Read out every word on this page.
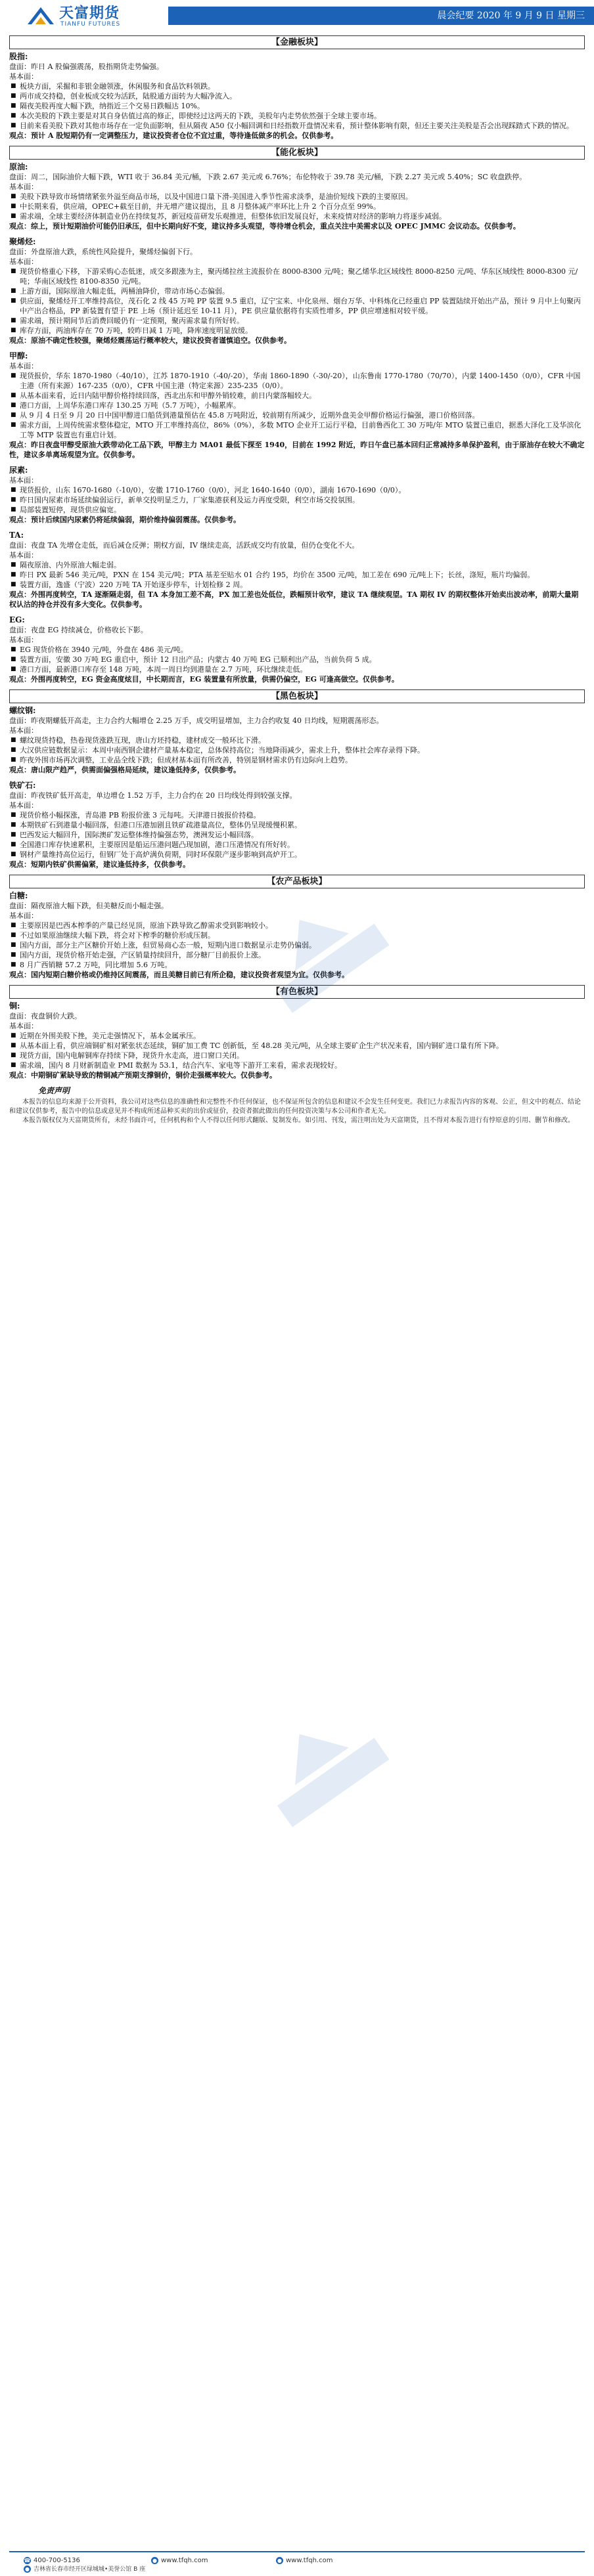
天富期货
TIANFU FUTURES
晨会纪要 2020 年 9 月 9 日 星期三
【金融板块】
股指:
盘面：昨日 A 股偏强震荡，股指期货走势偏强。
基本面：
■ 板块方面，采掘和非银金融领涨，休闲服务和食品饮料领跌。
■ 两市成交持稳，创业板成交较为活跃，陆股通方面转为大幅净流入。
■ 隔夜美股再度大幅下跌，纳指近三个交易日跌幅达 10%。
■ 本次美股的下跌主要是对其自身估值过高的修正，即使经过这两天的下跌，美股年内走势依然强于全球主要市场。
■ 目前来看美股下跌对其他市场存在一定负面影响，但从隔夜 A50 仅小幅回调和日经指数开盘情况来看，预计整体影响有限，但还主要关注美股是否会出现踩踏式下跌的情况。
观点：预计 A 股短期仍有一定调整压力，建议投资者仓位不宜过重，等待逢低做多的机会。仅供参考。
【能化板块】
原油:
盘面：周二，国际油价大幅下跌，WTI 收于 36.84 美元/桶，下跌 2.67 美元或 6.76%；布伦特收于 39.78 美元/桶，下跌 2.27 美元或 5.40%；SC 收盘跌停。
基本面：
■ 美股下跌导致市场情绪紧张外溢至商品市场，以及中国进口量下滑-美国进入季节性需求淡季，是油价短线下跌的主要原因。
■ 中长期来看，供应端，OPEC+截至目前，并无增产建议提出，且 8 月整体减产率环比上升 2 个百分点至 99%。
■ 需求端，全球主要经济体制造业仍在持续复苏，新冠疫苗研发乐观推进，但整体依旧发展良好，未来疫情对经济的影响力将逐步减弱。
观点：综上，预计短期油价可能仍旧承压，但中长期向好不变，建议持多头观望，等待增仓机会，重点关注中美需求以及 OPEC JMMC 会议动态。仅供参考。
聚烯烃:
盘面：外盘原油大跌，系统性风险提升，聚烯烃偏弱下行。
基本面：
■ 现货价格重心下移，下游采购心态低迷，成交多跟涨为主，聚丙烯拉丝主流报价在 8000-8300 元/吨；聚乙烯华北区域线性 8000-8250 元/吨、华东区域线性 8000-8300 元/吨；华南区域线性 8100-8350 元/吨。
■ 上游方面，国际原油大幅走低，两桶油降价，带动市场心态偏弱。
■ 供应面，聚烯烃开工率维持高位，茂石化 2 线 45 万吨 PP 装置 9.5 重启，辽宁宝来、中化泉州、烟台万华、中科炼化已经重启 PP 装置陆续开始出产品，预计 9 月中上旬聚丙中产出合格品，PP 新装置有望于 PE 上场（预计延迟至 10-11 月），PE 供应量依据将有实质性增多，PP 供应增速相对较平缓。
■ 需求端，预计期间节后消费回暖仍有一定预期，聚丙需求量有所好转。
■ 库存方面，两油库存在 70 万吨，较昨日减 1 万吨，降库速度明显放缓。
观点：原油不确定性较强，聚烯烃震荡运行概率较大，建议投资者谨慎追空。仅供参考。
甲醇:
基本面：
■ 现货报价，华东 1870-1980（-40/10），江苏 1870-1910（-40/-20），华南 1860-1890（-30/-20），山东鲁南 1770-1780（70/70），内蒙 1400-1450（0/0），CFR 中国主港（所有来源）167-235（0/0），CFR 中国主港（特定来源）235-235（0/0）。
■ 从基本面来看，近日内陆甲醇价格持续回落，西北出东和甲醇外销较难，前日内蒙落幅较大。
■ 港口方面，上周华东港口库存 130.25 万吨（5.7 万吨），小幅累库。
■ 从 9 月 4 日至 9 月 20 日中国甲醇进口船货到港量预估在 45.8 万吨附近，较前期有所减少，近期外盘美金甲醇价格运行偏强，港口价格回落。
■ 需求方面，上周传统需求整体稳定，MTO 开工率维持高位，86%（0%），多数 MTO 企业开工运行平稳，目前鲁西化工 30 万吨/年 MTO 装置已重启，据悉大泽化工及华滨化工等 MTP 装置也有重启计划。
观点：昨日夜盘甲醇受原油大跌带动化工品下跌，甲醇主力 MA01 最低下探至 1940，目前在 1992 附近，昨日午盘已基本回归正常减持多单保护盈利，由于原油存在较大不确定性，建议多单离场观望为宜。仅供参考。
尿素:
基本面：
■ 现货报价，山东 1670-1680（-10/0），安徽 1710-1760（0/0），河北 1640-1640（0/0），湖南 1670-1690（0/0）。
■ 昨日国内尿素市场延续偏弱运行，新单交投明显乏力，厂家集港获利及运力再度受限，利空市场交投氛围。
■ 局部装置短停，现货供应偏宽。
观点：预计后续国内尿素仍将延续偏弱，期价维持偏弱震荡。仅供参考。
TA:
盘面：夜盘 TA 先增仓走低，而后减仓反弹；期权方面，IV 继续走高，活跃成交均有放量，但仍仓变化不大。
基本面：
■ 隔夜原油、内外原油大幅走弱。
■ 昨日 PX 最新 546 美元/吨，PXN 在 154 美元/吨；PTA 基差至贴水 01 合约 195，均价在 3500 元/吨，加工差在 690 元/吨上下；长丝，涤短，瓶片均偏弱。
■ 装置方面，逸盛（宁波）220 万吨 TA 开始逐步停车，计划检修 2 周。
观点：外围再度转空，TA 逐渐隔走弱，但 TA 本身加工差不高，PX 加工差也处低位，跌幅预计收窄，建议 TA 继续观望。TA 期权 IV 的期权整体开始卖出波动率，前期大量期权认沽的持仓并没有多大变化。仅供参考。
EG:
盘面：夜盘 EG 持续减仓，价格收长下影。
基本面：
■ EG 现货价格在 3940 元/吨，外盘在 486 美元/吨。
■ 装置方面，安徽 30 万吨 EG 重启中，预计 12 日出产品；内蒙古 40 万吨 EG 已顺利出产品，当前负荷 5 成。
■ 港口方面，最新港口库存至 148 万吨，本周一周日均到港量在 2.7 万吨，环比继续走低。
观点：外围再度转空，EG 资金高度炫目，中长期而言，EG 装置量有所放量，供需仍偏空，EG 可逢高做空。仅供参考。
【黑色板块】
螺纹钢:
盘面：昨夜期螺低开高走，主力合约大幅增仓 2.25 万手，成交明显增加，主力合约收复 40 日均线，短期震荡形态。
基本面：
■ 螺纹现货持稳，热卷现货涨跌互现，唐山方坯持稳，建材成交一般环比下滑。
■ 大汉供应链数据显示：本周中南西钢企建材产量基本稳定，总体保持高位；当地降雨减少，需求上升，整体社会库存录得下降。
■ 昨夜外围市场再次调整，工业品全线下跌；但成材基本面有所改善，特别是钢材需求仍有边际向上趋势。
观点：唐山限产趋严，供需面偏强格局延续，建议逢低持多，仅供参考。
铁矿石:
盘面：昨夜铁矿低开高走，单边增仓 1.52 万手，主力合约在 20 日均线处得到较强支撑。
基本面：
■ 现货价格小幅探涨，青岛港 PB 粉报价涨 3 元每吨。天津港日披报价持稳。
■ 本期铁矿石到港量小幅回落，但港口压港加剧且铁矿疏港量高位，整体仍呈现缓慢积累。
■ 巴西发运大幅回升，国际澳矿发运整体维持偏强态势，澳洲发运小幅回落。
■ 全国港口库存快速累积，主要原因是船运压港问题凸现加剧，港口压港情况有所好转。
■ 钢材产量维持高位运行，但钢厂处于高炉满负荷期，同时环保限产逐步影响到高炉开工。
观点：短期内铁矿供需偏紧，建议逢低持多，仅供参考。
【农产品板块】
白糖:
盘面：隔夜原油大幅下跌，但美糖反而小幅走强。
基本面：
■ 主要原因是巴西本榨季的产量已经见顶，原油下跌导致乙醇需求受到影响较小。
■ 不过如果原油继续大幅下跌，将会对下榨季的糖价形成压制。
■ 国内方面，部分主产区糖价开始上涨，但贸易商心态一般，短期内进口数据显示走势仍偏弱。
■ 国内方面，现货价格开始走强，产区销量持续回升，部分糖厂目前报价上涨。
■ 8 月广西销糖 57.2 万吨，同比增加 5.6 万吨。
观点：国内短期白糖价格或仍维持区间震荡，而且美糖目前已有所企稳，建议投资者观望为宜。仅供参考。
【有色板块】
铜:
盘面：夜盘铜价大跌。
基本面：
■ 近期在外围美股下挫，美元走强情况下，基本金属承压。
■ 从基本面上看，供应端铜矿相对紧张状态延续，铜矿加工费 TC 创新低，至 48.28 美元/吨，从全球主要矿企生产状况来看，国内铜矿进口量有所下降。
■ 现货方面，国内电解铜库存持续下降，现货升水走高，进口窗口关闭。
■ 需求端，国内 8 月财新制造业 PMI 数据为 53.1，结合汽车、家电等下游开工来看，需求表现较好。
观点：中期铜矿紧缺导致的精铜减产预期支撑铜价，铜价走强概率较大。仅供参考。
免责声明
本报告的信息均来源于公开资料，我公司对这些信息的准确性和完整性不作任何保证，也不保证所包含的信息和建议不会发生任何变更。我们已力求报告内容的客观、公正，但文中的观点、结论和建议仅供参考，报告中的信息或意见并不构成所述品种买卖的出价或征价，投资者据此做出的任何投资决策与本公司和作者无关。
本报告版权仅为天富期货所有，未经书面许可，任何机构和个人不得以任何形式翻版、复制发布。如引用、刊发，需注明出处为天富期货，且不得对本报告进行有悖原意的引用、删节和修改。
☎ 400-700-5136	● www.tfqh.com	● www.tfqh.com
● 吉林省长春市经开区绿城城•美誉公馆 B 座
